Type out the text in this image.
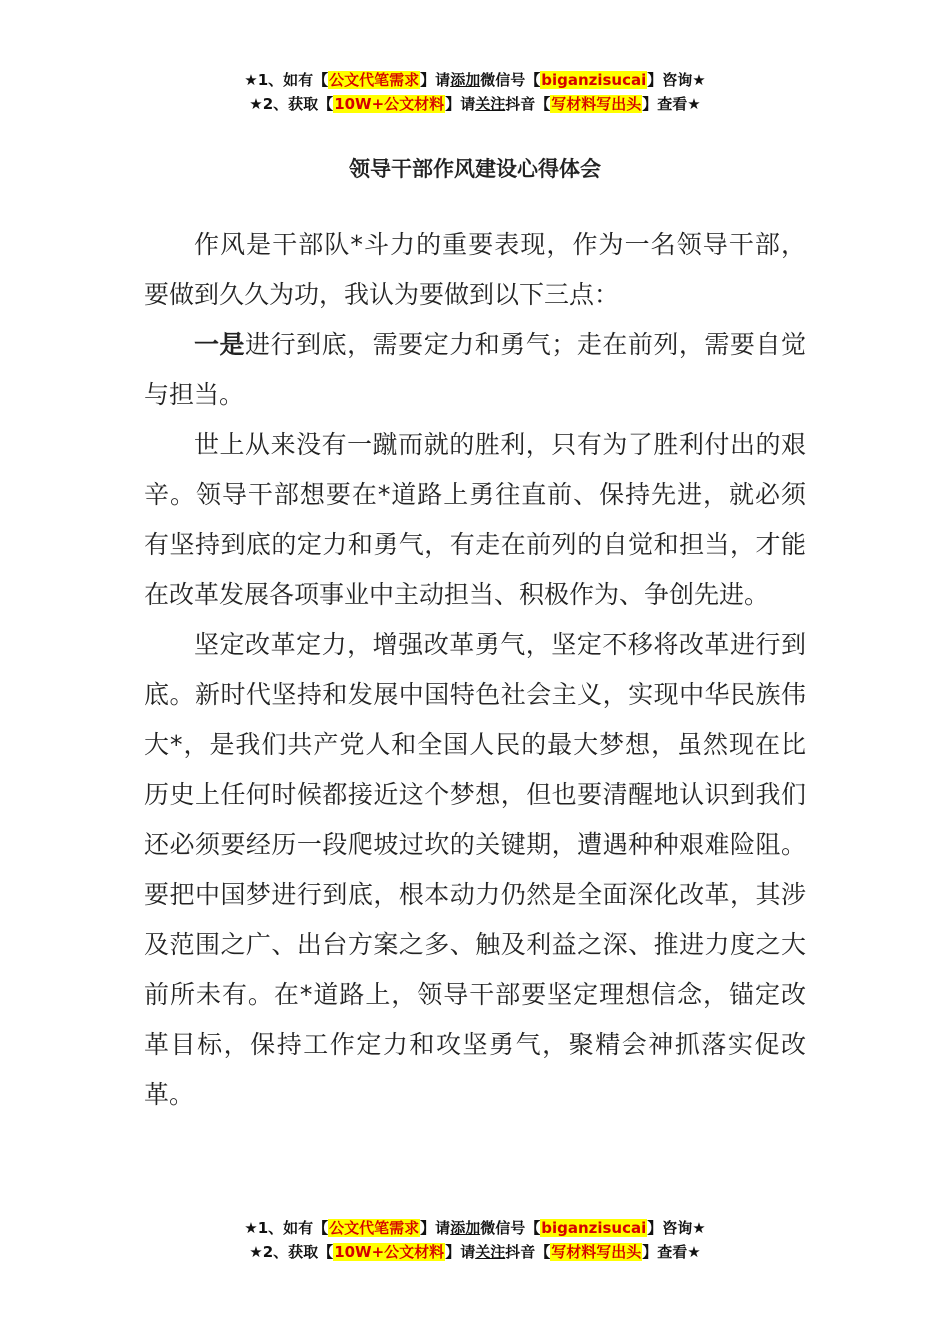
★1、如有【公文代笔需求】请添加微信号【biganzisucai】咨询★
★2、获取【10W+公文材料】请关注抖音【写材料写出头】查看★
领导干部作风建设心得体会

作风是干部队*斗力的重要表现，作为一名领导干部，要做到久久为功，我认为要做到以下三点：

一是进行到底，需要定力和勇气；走在前列，需要自觉与担当。

世上从来没有一蹴而就的胜利，只有为了胜利付出的艰辛。领导干部想要在*道路上勇往直前、保持先进，就必须有坚持到底的定力和勇气，有走在前列的自觉和担当，才能在改革发展各项事业中主动担当、积极作为、争创先进。

坚定改革定力，增强改革勇气，坚定不移将改革进行到底。新时代坚持和发展中国特色社会主义，实现中华民族伟大*，是我们共产党人和全国人民的最大梦想，虽然现在比历史上任何时候都接近这个梦想，但也要清醒地认识到我们还必须要经历一段爬坡过坎的关键期，遭遇种种艰难险阻。要把中国梦进行到底，根本动力仍然是全面深化改革，其涉及范围之广、出台方案之多、触及利益之深、推进力度之大前所未有。在*道路上，领导干部要坚定理想信念，锚定改革目标，保持工作定力和攻坚勇气，聚精会神抓落实促改革。

★1、如有【公文代笔需求】请添加微信号【biganzisucai】咨询★
★2、获取【10W+公文材料】请关注抖音【写材料写出头】查看★
